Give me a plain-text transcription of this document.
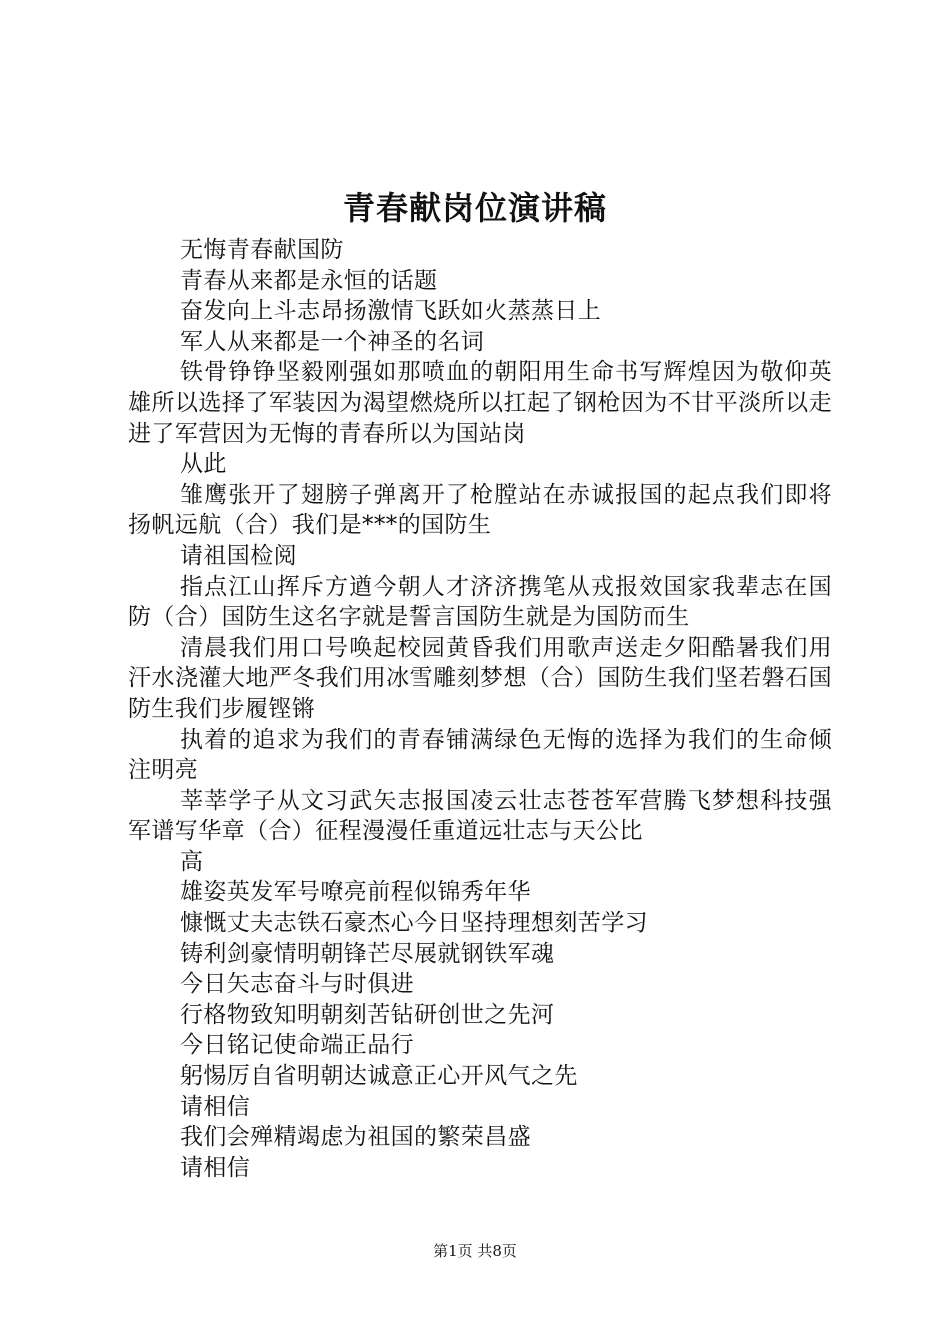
青春献岗位演讲稿

无悔青春献国防

青春从来都是永恒的话题

奋发向上斗志昂扬激情飞跃如火蒸蒸日上

军人从来都是一个神圣的名词

铁骨铮铮坚毅刚强如那喷血的朝阳用生命书写辉煌因为敬仰英雄所以选择了军装因为渴望燃烧所以扛起了钢枪因为不甘平淡所以走进了军营因为无悔的青春所以为国站岗

从此

雏鹰张开了翅膀子弹离开了枪膛站在赤诚报国的起点我们即将扬帆远航（合）我们是***的国防生

请祖国检阅

指点江山挥斥方遒今朝人才济济携笔从戎报效国家我辈志在国防（合）国防生这名字就是誓言国防生就是为国防而生

清晨我们用口号唤起校园黄昏我们用歌声送走夕阳酷暑我们用汗水浇灌大地严冬我们用冰雪雕刻梦想（合）国防生我们坚若磐石国防生我们步履铿锵

执着的追求为我们的青春铺满绿色无悔的选择为我们的生命倾注明亮

莘莘学子从文习武矢志报国凌云壮志苍苍军营腾飞梦想科技强军谱写华章（合）征程漫漫任重道远壮志与天公比

高

雄姿英发军号嘹亮前程似锦秀年华

慷慨丈夫志铁石豪杰心今日坚持理想刻苦学习

铸利剑豪情明朝锋芒尽展就钢铁军魂

今日矢志奋斗与时俱进

行格物致知明朝刻苦钻研创世之先河

今日铭记使命端正品行

躬惕厉自省明朝达诚意正心开风气之先

请相信

我们会殚精竭虑为祖国的繁荣昌盛

请相信

第1页 共8页
